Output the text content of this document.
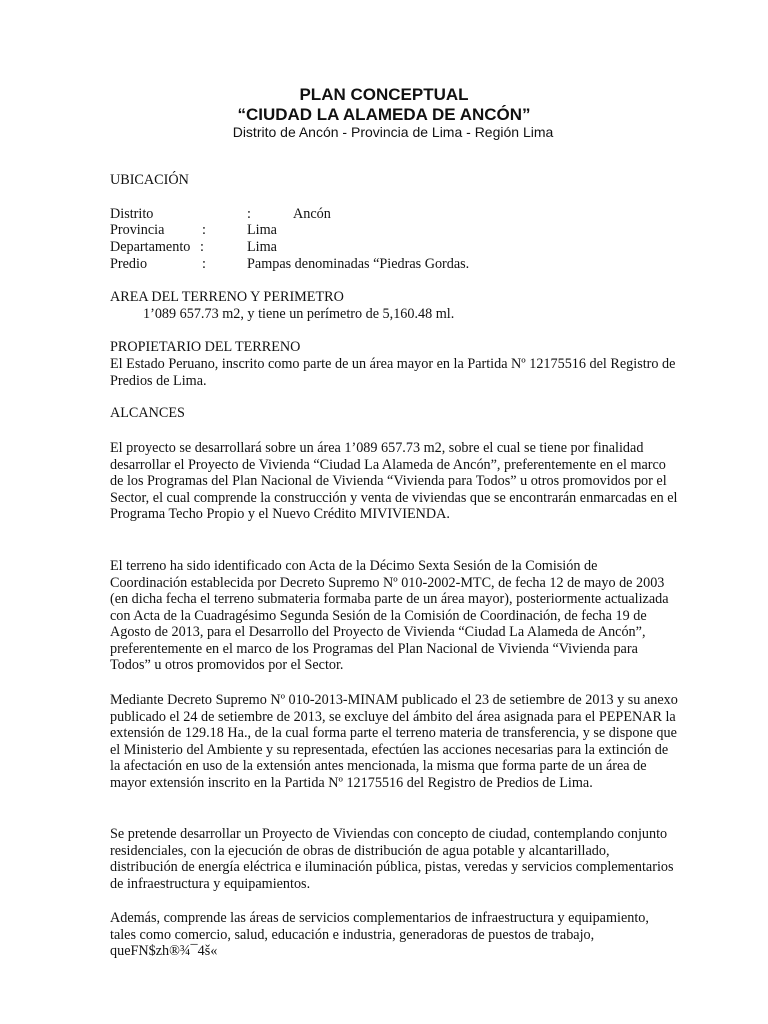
PLAN CONCEPTUAL
“CIUDAD LA ALAMEDA DE ANCÓN”
Distrito de Ancón - Provincia de Lima - Región Lima
UBICACIÓN
Distrito	:	Ancón
Provincia	:	Lima
Departamento :	Lima
Predio	:	Pampas denominadas “Piedras Gordas.
AREA DEL TERRENO Y PERIMETRO
1’089 657.73 m2, y tiene un perímetro de 5,160.48 ml.
PROPIETARIO DEL TERRENO

El Estado Peruano, inscrito como parte de un área mayor en la Partida Nº 12175516 del Registro de Predios de Lima.

ALCANCES

El proyecto se desarrollará sobre un área 1’089 657.73 m2, sobre el cual se tiene por finalidad desarrollar el Proyecto de Vivienda “Ciudad La Alameda de Ancón”, preferentemente en el marco de los Programas del Plan Nacional de Vivienda “Vivienda para Todos” u otros promovidos por el Sector, el cual comprende la construcción y venta de viviendas que se encontrarán enmarcadas en el Programa Techo Propio y el Nuevo Crédito MIVIVIENDA.

El terreno ha sido identificado con Acta de la Décimo Sexta Sesión de la Comisión de Coordinación establecida por Decreto Supremo Nº 010-2002-MTC, de fecha 12 de mayo de 2003 (en dicha fecha el terreno submateria formaba parte de un área mayor), posteriormente actualizada con Acta de la Cuadragésimo Segunda Sesión de la Comisión de Coordinación, de fecha 19 de Agosto de 2013, para el Desarrollo del Proyecto de Vivienda “Ciudad La Alameda de Ancón”, preferentemente en el marco de los Programas del Plan Nacional de Vivienda “Vivienda para Todos” u otros promovidos por el Sector.

Mediante Decreto Supremo Nº 010-2013-MINAM publicado el 23 de setiembre de 2013 y su anexo publicado el 24 de setiembre de 2013, se excluye del ámbito del área asignada para el PEPENAR la extensión de 129.18 Ha., de la cual forma parte el terreno materia de transferencia, y se dispone que el Ministerio del Ambiente y su representada, efectúen las acciones necesarias para la extinción de la afectación en uso de la extensión antes mencionada, la misma que forma parte de un área de mayor extensión inscrito en la Partida Nº 12175516 del Registro de Predios de Lima.

Se pretende desarrollar un Proyecto de Viviendas con concepto de ciudad, contemplando conjunto residenciales, con la ejecución de obras de distribución de agua potable y alcantarillado, distribución de energía eléctrica e iluminación pública, pistas, veredas y servicios complementarios de infraestructura y equipamientos.

Además, comprende las áreas de servicios complementarios de infraestructura y equipamiento, tales como comercio, salud, educación e industria, generadoras de puestos de trabajo, queFN$zh®¾¯4š«
